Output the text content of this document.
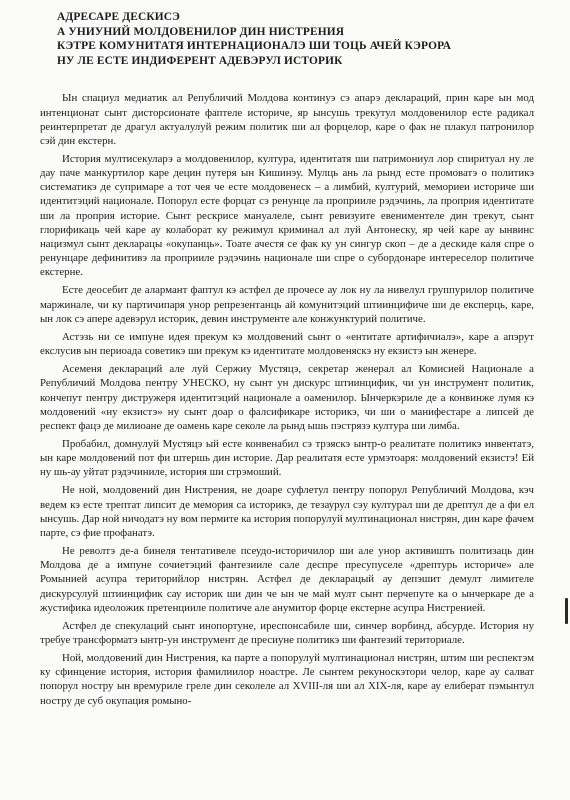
АДРЕСАРЕ ДЕСКИСЭ
А УНИУНИЙ МОЛДОВЕНИЛОР ДИН НИСТРЕНИЯ
КЭТРЕ КОМУНИТАТЯ ИНТЕРНАЦИОНАЛЭ ШИ ТОЦЬ АЧЕЙ КЭРОРА
НУ ЛЕ ЕСТЕ ИНДИФЕРЕНТ АДЕВЭРУЛ ИСТОРИК

Ын спациул медиатик ал Републичий Молдова континуэ сэ апарэ деклараций, прин каре ын мод интенционат сынт дисторсионате фаптеле историче, яр ынсушь трекутул молдовенилор есте радикал реинтерпретат де драгул актуалулуй режим политик ши ал форцелор, каре о фак не плакул патронилор сэй дин екстерн.

История мултисекуларэ а молдовенилор, култура, идентитатя ши патримониул лор спиритуал ну ле дау паче манкуртилор каре децин путеря ын Кишинэу. Мулць ань ла рынд есте промоватэ о политикэ систематикэ де супримаре а тот чея че есте молдовенеск – а лимбий, културий, мемориеи историче ши идентитэций национале. Попорул есте форцат сэ ренунце ла проприиле рэдэчинь, ла проприя идентитате ши ла проприя историе. Сынт рескрисе мануалеле, сынт ревизуите евениментеле дин трекут, сынт глорификаць чей каре ау колаборат ку режимул криминал ал луй Антонеску, яр чей каре ау ынвинс нацизмул сынт декларацы «окупанць». Тоате ачестя се фак ку ун сингур скоп – де а дескиде каля спре о ренунцаре дефинитивэ ла проприиле рэдэчинь национале ши спре о субордонаре интереселор политиче екстерне.

Есте деосебит де алармант фаптул кэ астфел де прочесе ау лок ну ла нивелул группурилор политиче маржинале, чи ку партичипаря унор репрезентанць ай комунитэций штиинцифиче ши де експерць, каре, ын лок сэ апере адевэрул историк, девин инструменте але конжунктурий политиче.

Астэзь ни се импуне идея прекум кэ молдовений сынт о «ентитате артифичиалэ», каре а апэрут екслусив ын периоада советикэ ши прекум кэ идентитате молдовеняскэ ну екзистэ ын женере.

Асеменя деклараций але луй Сержиу Мустяцэ, секретар женерал ал Комисией Национале а Републичий Молдова пентру УНЕСКО, ну сынт ун дискурс штиинцифик, чи ун инструмент политик, кончепут пентру дистружеря идентитэций национале а оаменилор. Ынчеркэриле де а конвинже лумя кэ молдовений «ну екзистэ» ну сынт доар о фалсификаре историкэ, чи ши о манифестаре а липсей де респект фацэ де милиоане де оамень каре секоле ла рынд ышь пэстрязэ култура ши лимба.

Пробабил, домнулуй Мустяцэ ый есте конвенабил сэ трэяскэ ынтр-о реалитате политикэ инвентатэ, ын каре молдовений пот фи штершь дин историе. Дар реалитатя есте урмэтоаря: молдовений екзистэ! Ей ну шь-ау уйтат рэдэчиниле, история ши стрэмоший.

Не ной, молдовений дин Нистрения, не доаре суфлетул пентру попорул Републичий Молдова, кэч ведем кэ есте трептат липсит де мемория са историкэ, де тезаурул сэу културал ши де дрептул де а фи ел ынсушь. Дар ной ничодатэ ну вом пермите ка история попорулуй мултинационал нистрян, дин каре фачем парте, сэ фие профанатэ.

Не револтэ де-а бинеля тентативеле псеудо-историчилор ши але унор активишть политизаць дин Молдова де а импуне сочиетэций фантезииле сале деспре пресупуселе «дрептурь историче» але Ромынией асупра територийлор нистрян. Астфел де декларацый ау депэшит демулт лимителе дискурсулуй штиинцифик сау историк ши дин че ын че май мулт сынт перчепуте ка о ынчеркаре де а жустифика идеоложик претенцииле политиче але анумитор форце екстерне асупра Нистренией.

Астфел де спекулаций сынт инопортуне, иреспонсабиле ши, синчер ворбинд, абсурде. История ну требуе трансформатэ ынтр-ун инструмент де пресиуне политикэ ши фантезий териториале.

Ной, молдовений дин Нистрения, ка парте а попорулуй мултинационал нистрян, штим ши респектэм ку сфинцение история, история фамилиилор ноастре. Ле сынтем рекуноскэтори челор, каре ау салват попорул ностру ын времуриле греле дин секолеле ал XVIII-ля ши ал XIX-ля, каре ау елиберат пэмынтул ностру де суб окупация ромыно-
